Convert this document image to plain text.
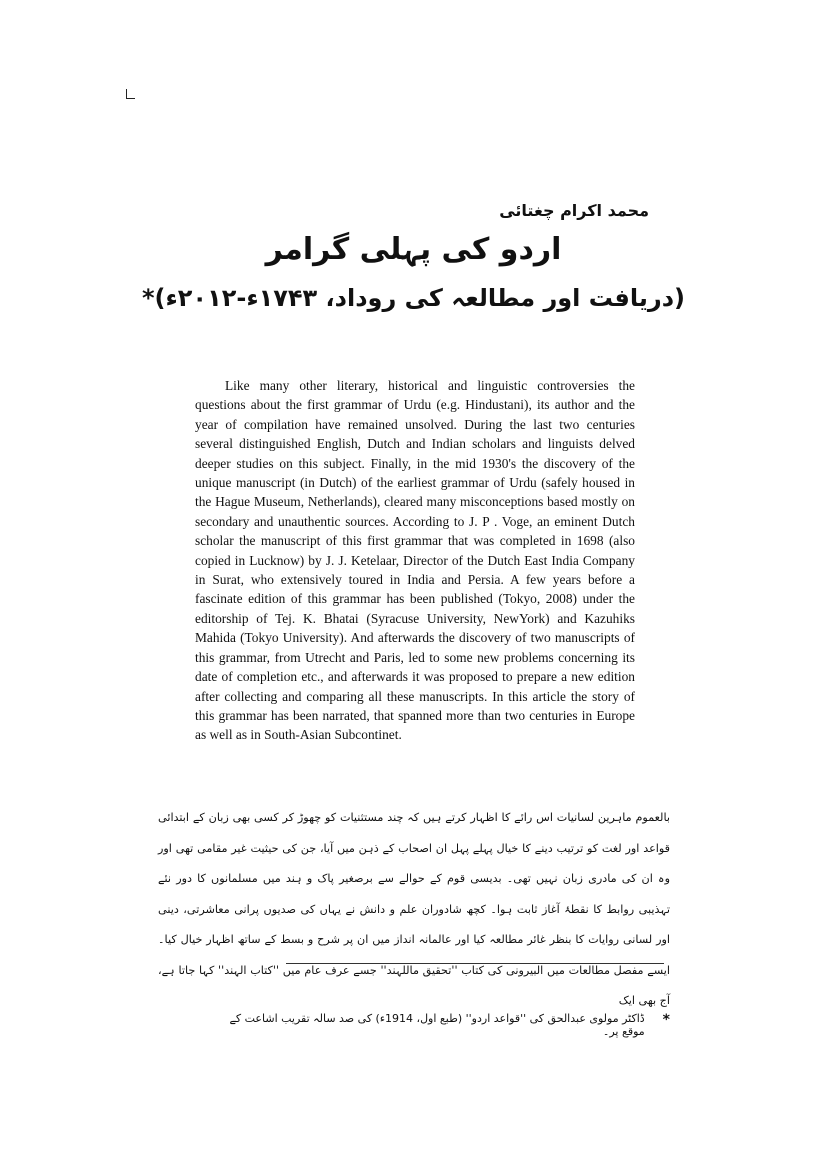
محمد اکرام چغتائی
اردو کی پہلی گرامر
(دریافت اور مطالعہ کی روداد، ۱۷۴۳ء-۲۰۱۲ء)*

Like many other literary, historical and linguistic controversies the questions about the first grammar of Urdu (e.g. Hindustani), its author and the year of compilation have remained unsolved. During the last two centuries several distinguished English, Dutch and Indian scholars and linguists delved deeper studies on this subject. Finally, in the mid 1930's the discovery of the unique manuscript (in Dutch) of the earliest grammar of Urdu (safely housed in the Hague Museum, Netherlands), cleared many misconceptions based mostly on secondary and unauthentic sources. According to J. P . Voge, an eminent Dutch scholar the manuscript of this first grammar that was completed in 1698 (also copied in Lucknow) by J. J. Ketelaar, Director of the Dutch East India Company in Surat, who extensively toured in India and Persia. A few years before a fascinate edition of this grammar has been published (Tokyo, 2008) under the editorship of Tej. K. Bhatai (Syracuse University, NewYork) and Kazuhiks Mahida (Tokyo University). And afterwards the discovery of two manuscripts of this grammar, from Utrecht and Paris, led to some new problems concerning its date of completion etc., and afterwards it was proposed to prepare a new edition after collecting and comparing all these manuscripts. In this article the story of this grammar has been narrated, that spanned more than two centuries in Europe as well as in South-Asian Subcontinet.

بالعموم ماہرین لسانیات اس رائے کا اظہار کرتے ہیں کہ چند مستثنیات کو چھوڑ کر کسی بھی زبان کے ابتدائی قواعد اور لغت کو ترتیب دینے کا خیال پہلے پہل ان اصحاب کے ذہن میں آیا، جن کی حیثیت غیر مقامی تھی اور وہ ان کی مادری زبان نہیں تھی۔ بدیسی قوم کے حوالے سے برصغیر پاک و ہند میں مسلمانوں کا دور نئے تہذیبی روابط کا نقطۂ آغاز ثابت ہوا۔ کچھ شادوران علم و دانش نے یہاں کی صدیوں پرانی معاشرتی، دینی اور لسانی روایات کا بنظر غائر مطالعہ کیا اور عالمانہ انداز میں ان پر شرح و بسط کے ساتھ اظہار خیال کیا۔ ایسے مفصل مطالعات میں البیرونی کی کتاب ''تحقیق ماللہند'' جسے عرف عام میں ''کتاب الہند'' کہا جاتا ہے، آج بھی ایک

*
ڈاکٹر مولوی عبدالحق کی ''قواعد اردو'' (طبع اول، 1914ء) کی صد سالہ تقریب اشاعت کے موقع پر۔
